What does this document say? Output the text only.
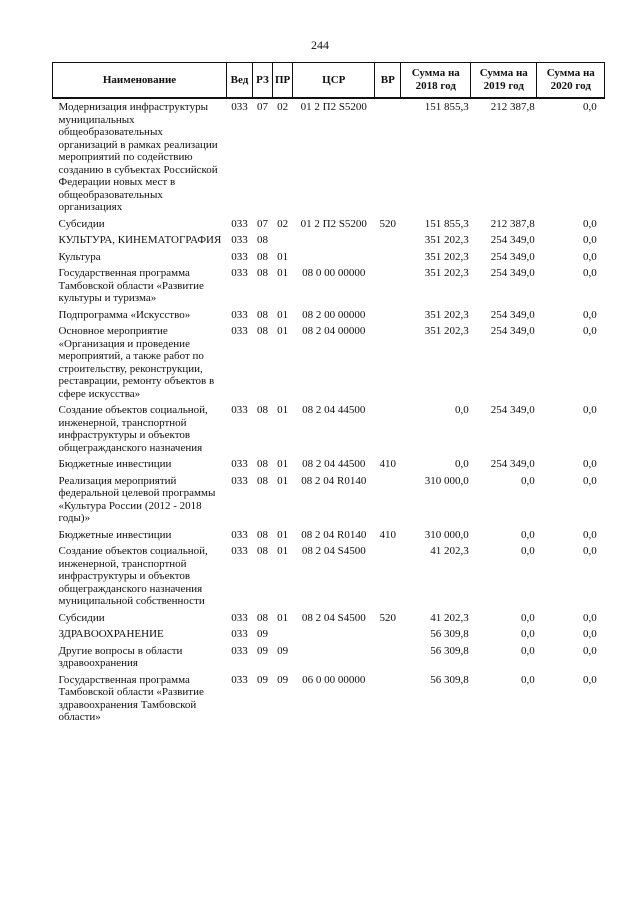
244
Наименование	Вед	РЗ	ПР	ЦСР	ВР	Сумма на 2018 год	Сумма на 2019 год	Сумма на 2020 год
Модернизация инфраструктуры муниципальных общеобразовательных организаций в рамках реализации мероприятий по содействию созданию в субъектах Российской Федерации новых мест в общеобразовательных организациях	033	07	02	01 2 П2 S5200		151 855,3	212 387,8	0,0
Субсидии	033	07	02	01 2 П2 S5200	520	151 855,3	212 387,8	0,0
КУЛЬТУРА, КИНЕМАТОГРАФИЯ	033	08				351 202,3	254 349,0	0,0
Культура	033	08	01			351 202,3	254 349,0	0,0
Государственная программа Тамбовской области «Развитие культуры и туризма»	033	08	01	08 0 00 00000		351 202,3	254 349,0	0,0
Подпрограмма «Искусство»	033	08	01	08 2 00 00000		351 202,3	254 349,0	0,0
Основное мероприятие «Организация и проведение мероприятий, а также работ по строительству, реконструкции, реставрации, ремонту объектов в сфере искусства»	033	08	01	08 2 04 00000		351 202,3	254 349,0	0,0
Создание объектов социальной, инженерной, транспортной инфраструктуры и объектов общегражданского назначения	033	08	01	08 2 04 44500		0,0	254 349,0	0,0
Бюджетные инвестиции	033	08	01	08 2 04 44500	410	0,0	254 349,0	0,0
Реализация мероприятий федеральной целевой программы «Культура России (2012 - 2018 годы)»	033	08	01	08 2 04 R0140		310 000,0	0,0	0,0
Бюджетные инвестиции	033	08	01	08 2 04 R0140	410	310 000,0	0,0	0,0
Создание объектов социальной, инженерной, транспортной инфраструктуры и объектов общегражданского назначения муниципальной собственности	033	08	01	08 2 04 S4500		41 202,3	0,0	0,0
Субсидии	033	08	01	08 2 04 S4500	520	41 202,3	0,0	0,0
ЗДРАВООХРАНЕНИЕ	033	09				56 309,8	0,0	0,0
Другие вопросы в области здравоохранения	033	09	09			56 309,8	0,0	0,0
Государственная программа Тамбовской области «Развитие здравоохранения Тамбовской области»	033	09	09	06 0 00 00000		56 309,8	0,0	0,0
